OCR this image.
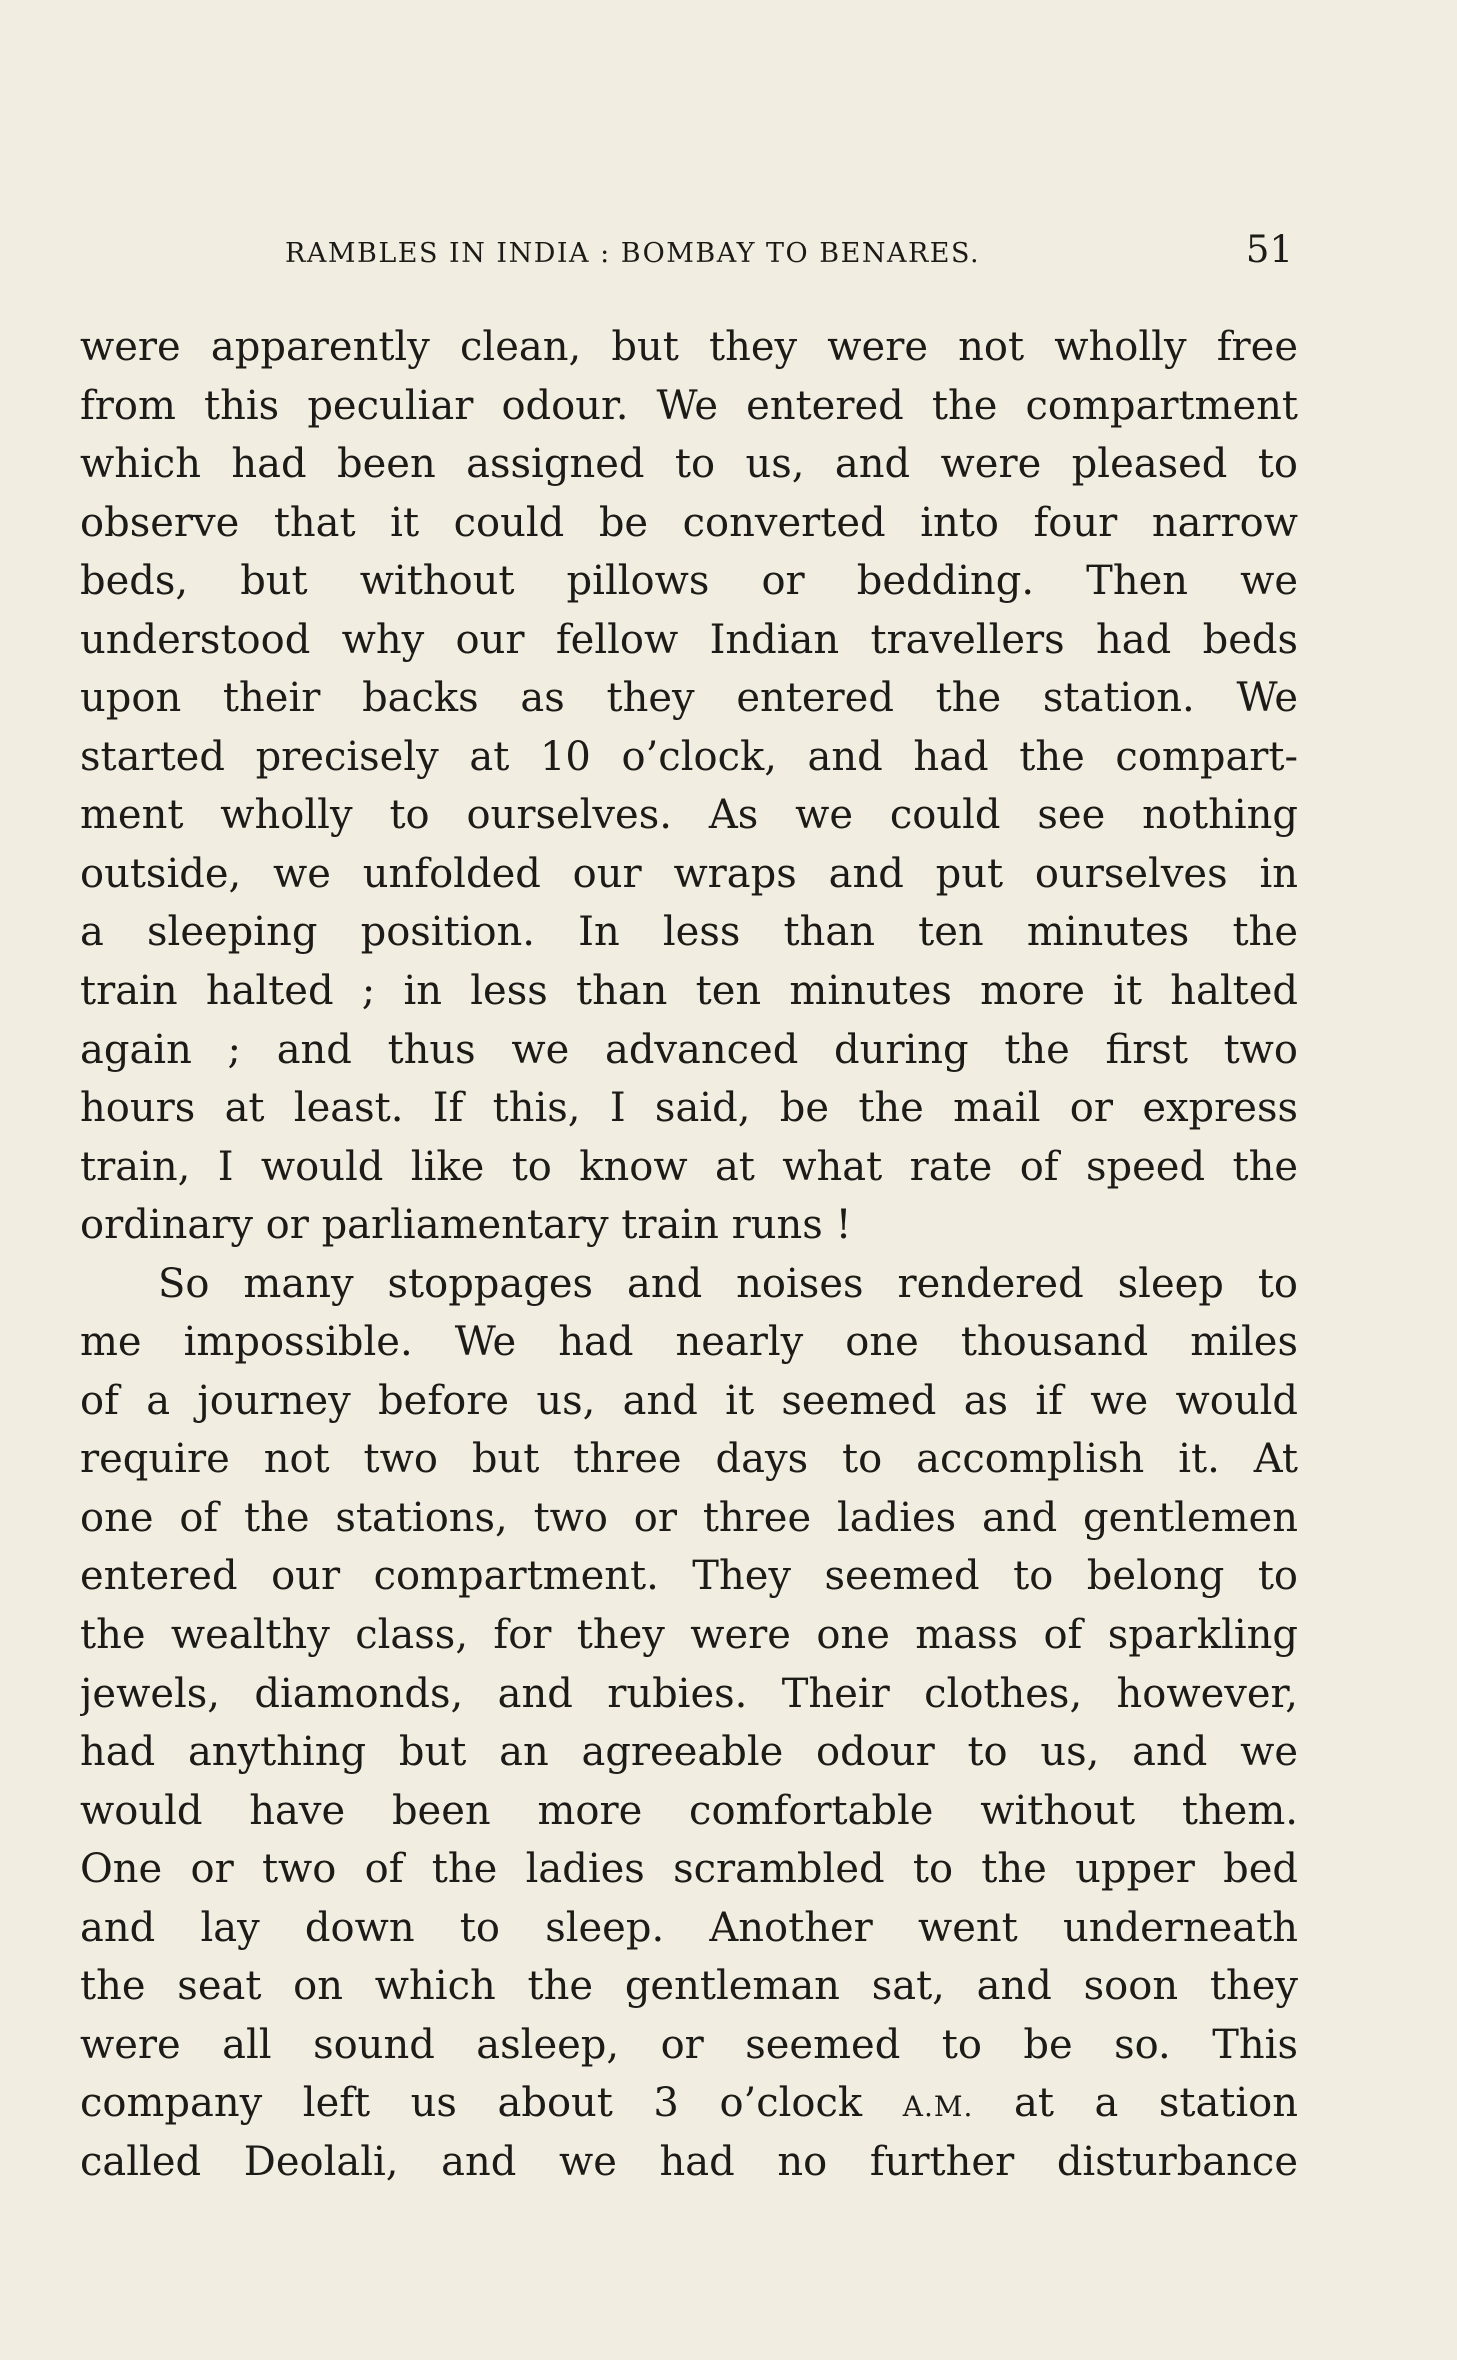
RAMBLES IN INDIA : BOMBAY TO BENARES.	51
were apparently clean, but they were not wholly free
from this peculiar odour. We entered the compartment
which had been assigned to us, and were pleased to
observe that it could be converted into four narrow
beds, but without pillows or bedding. Then we
understood why our fellow Indian travellers had beds
upon their backs as they entered the station. We
started precisely at 10 o’clock, and had the compart-
ment wholly to ourselves. As we could see nothing
outside, we unfolded our wraps and put ourselves in
a sleeping position. In less than ten minutes the
train halted ; in less than ten minutes more it halted
again ; and thus we advanced during the first two
hours at least. If this, I said, be the mail or express
train, I would like to know at what rate of speed the
ordinary or parliamentary train runs !
So many stoppages and noises rendered sleep to
me impossible. We had nearly one thousand miles
of a journey before us, and it seemed as if we would
require not two but three days to accomplish it. At
one of the stations, two or three ladies and gentlemen
entered our compartment. They seemed to belong to
the wealthy class, for they were one mass of sparkling
jewels, diamonds, and rubies. Their clothes, however,
had anything but an agreeable odour to us, and we
would have been more comfortable without them.
One or two of the ladies scrambled to the upper bed
and lay down to sleep. Another went underneath
the seat on which the gentleman sat, and soon they
were all sound asleep, or seemed to be so. This
company left us about 3 o’clock A.M. at a station
called Deolali, and we had no further disturbance
